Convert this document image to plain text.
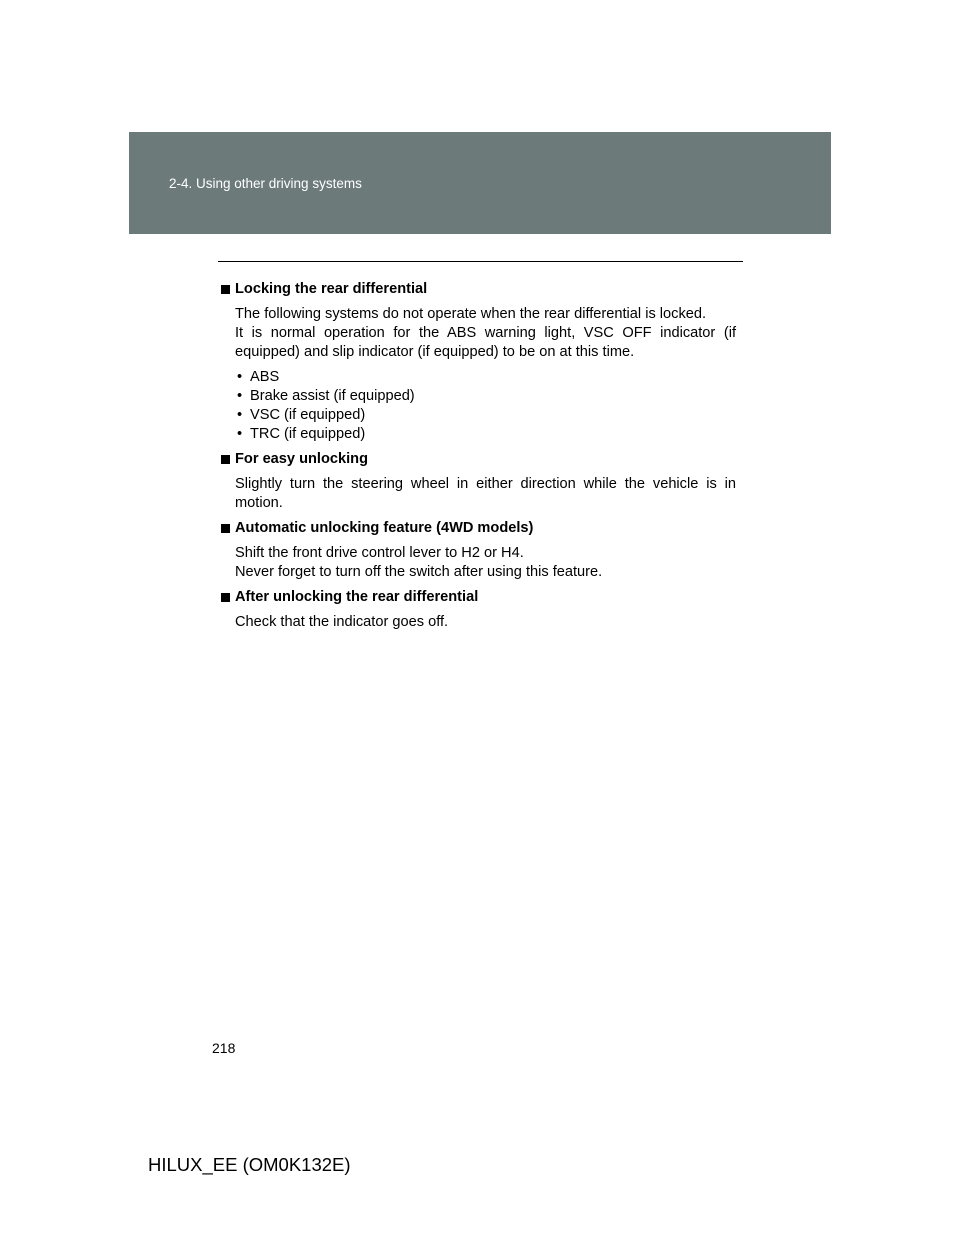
2-4. Using other driving systems
Locking the rear differential

The following systems do not operate when the rear differential is locked.

It is normal operation for the ABS warning light, VSC OFF indicator (if equipped) and slip indicator (if equipped) to be on at this time.

• ABS
• Brake assist (if equipped)
• VSC (if equipped)
• TRC (if equipped)
For easy unlocking

Slightly turn the steering wheel in either direction while the vehicle is in motion.

Automatic unlocking feature (4WD models)

Shift the front drive control lever to H2 or H4.

Never forget to turn off the switch after using this feature.

After unlocking the rear differential

Check that the indicator goes off.

218
HILUX_EE (OM0K132E)
